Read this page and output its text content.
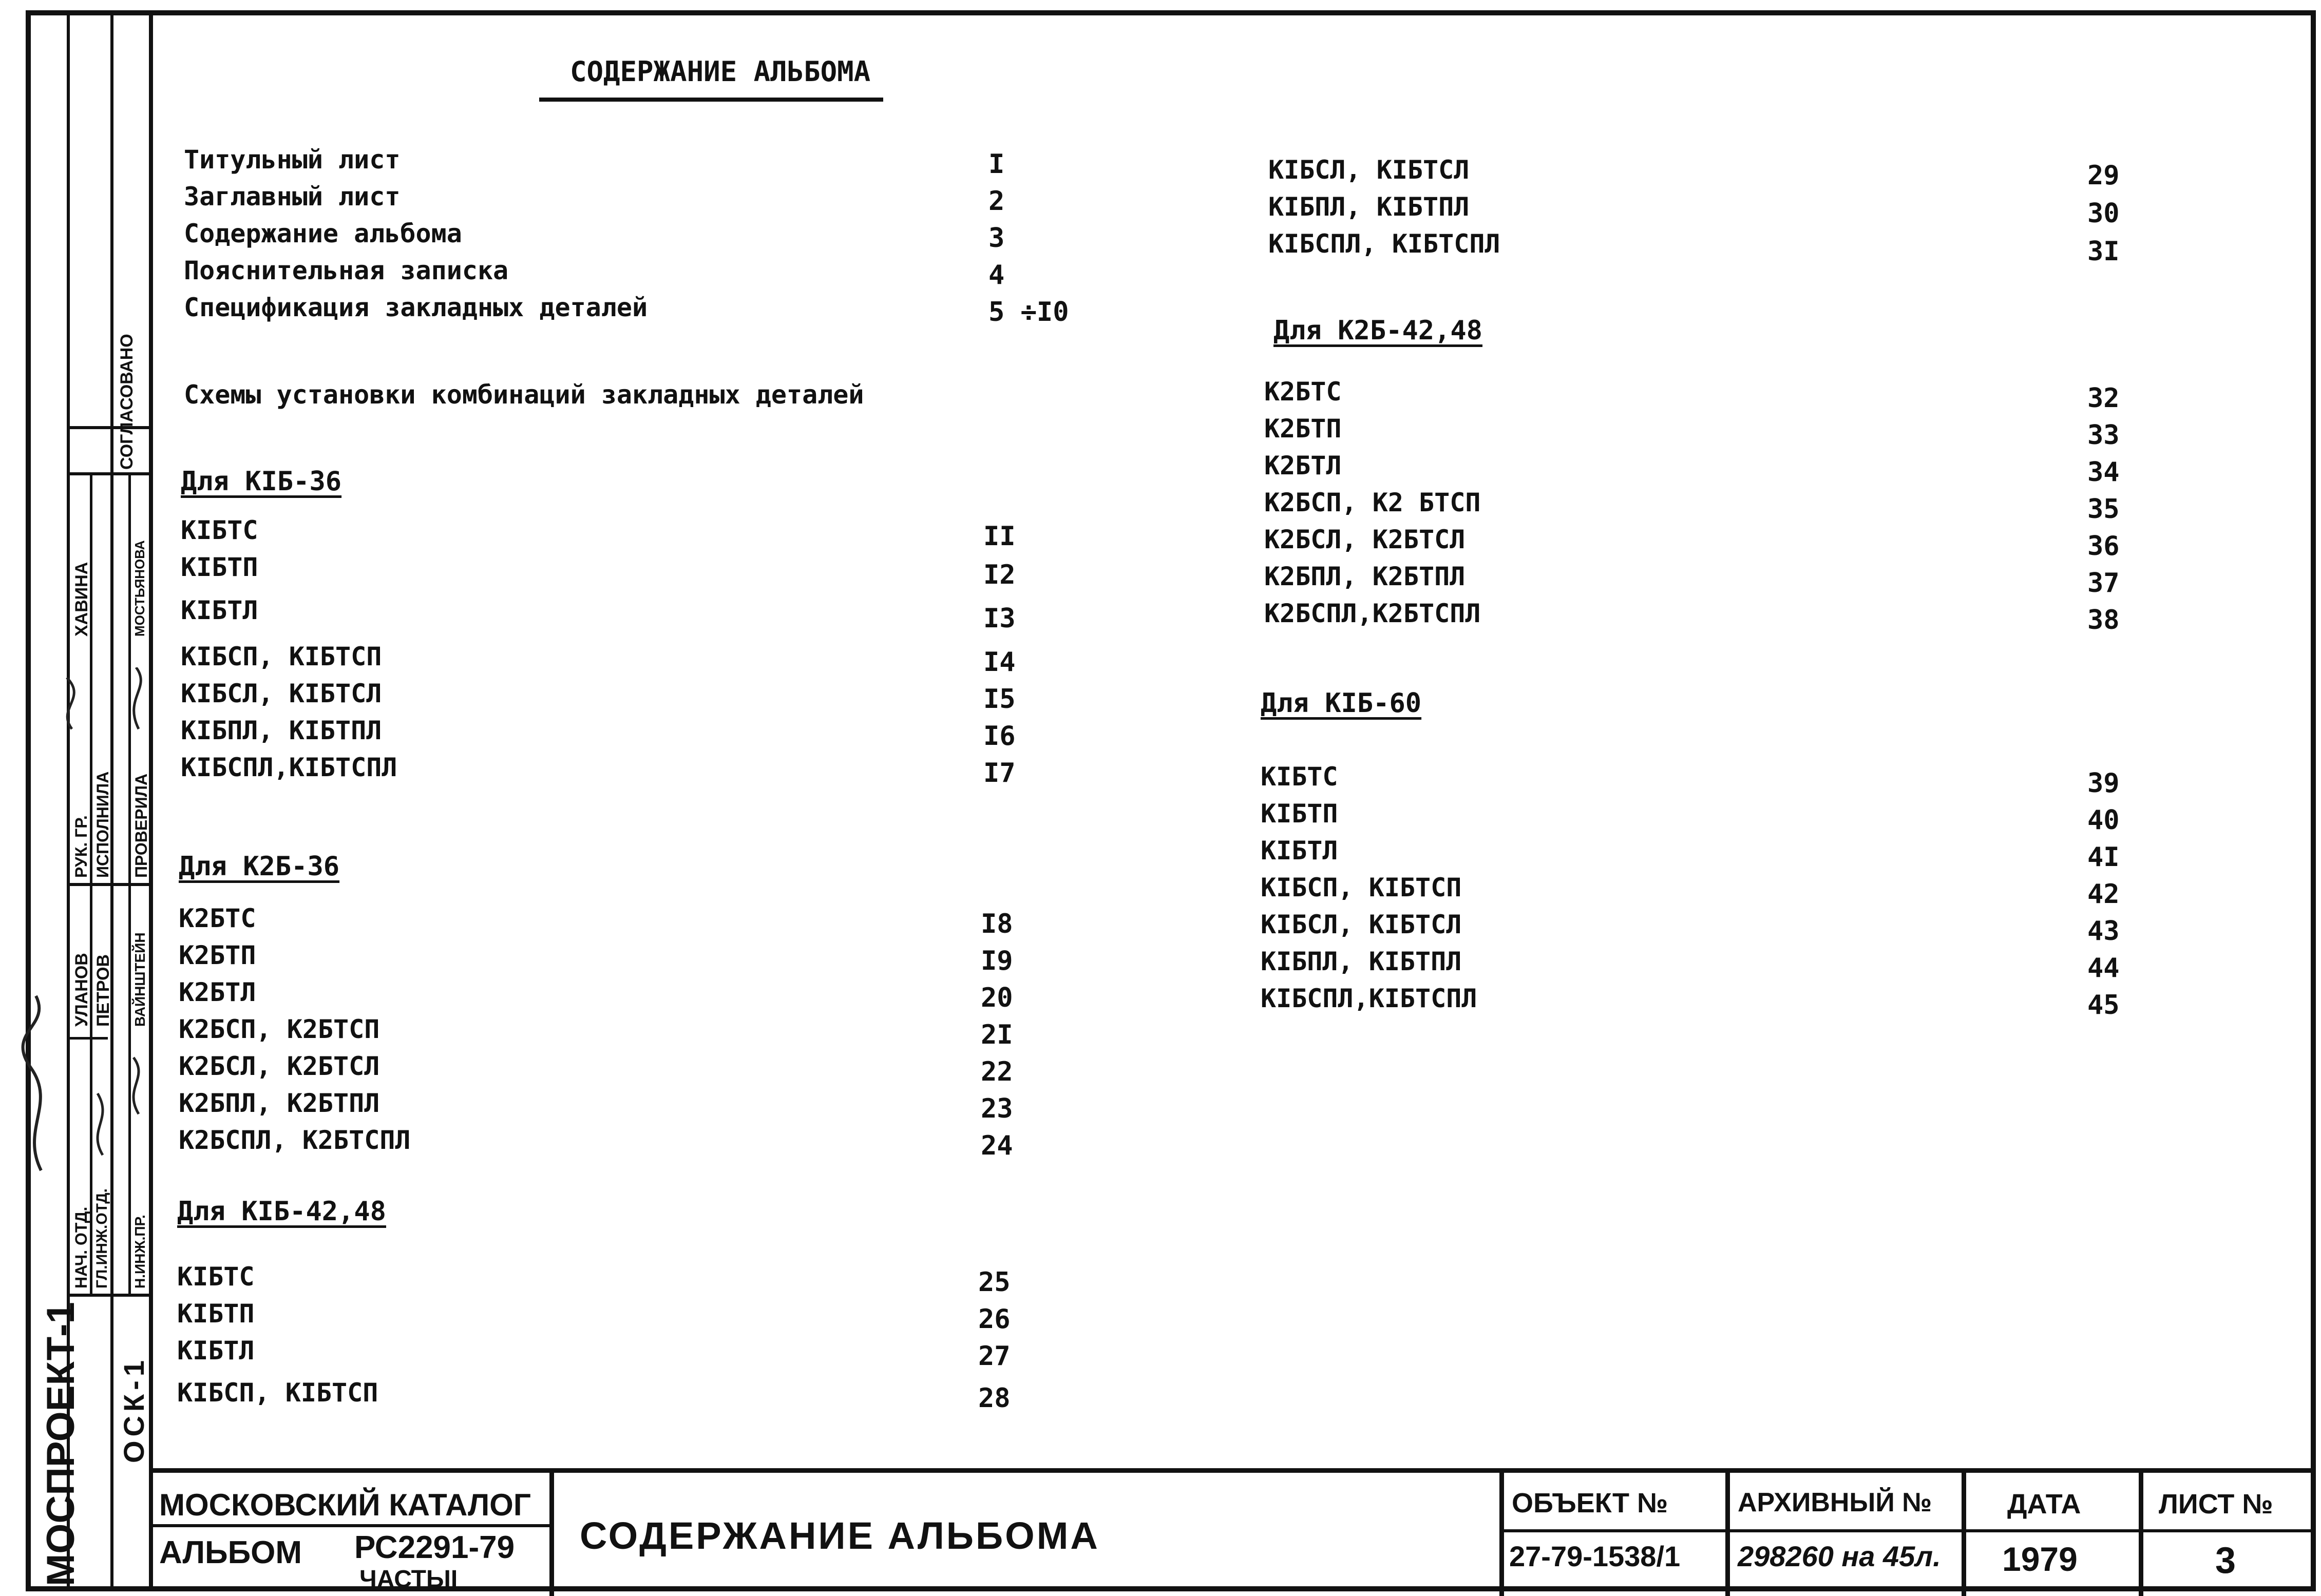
СОГЛАСОВАНО
МОСПРОЕКТ-1 ОСК-1
НАЧ. ОТД. ГЛ.ИНЖ.ОТД. Н.ИНЖ.ПР.
РУК. ГР. ИСПОЛНИЛА ПРОВЕРИЛА
УЛАНОВ ПЕТРОВ ВАЙНШТЕЙН
ХАВИНА	МОСТЬЯНОВА
СОДЕРЖАНИЕ АЛЬБОМА
Титульный лист	I
Заглавный лист	2
Содержание альбома	3
Пояснительная записка	4
Спецификация закладных деталей	5 ÷I0
Схемы установки комбинаций закладных деталей
Для КIБ-36
КIБТС	II
КIБТП	I2
КIБТЛ	I3
КIБСП, КIБТСП	I4
КIБСЛ, КIБТСЛ	I5
КIБПЛ, КIБТПЛ	I6
КIБСПЛ,КIБТСПЛ	I7
Для К2Б-36
К2БТС	I8
К2БТП	I9
К2БТЛ	20
К2БСП, К2БТСП	2I
К2БСЛ, К2БТСЛ	22
К2БПЛ, К2БТПЛ	23
К2БСПЛ, К2БТСПЛ	24
Для КIБ-42,48
КIБТС	25
КIБТП	26
КIБТЛ	27
КIБСП, КIБТСП	28
КIБСЛ, КIБТСЛ	29
КIБПЛ, КIБТПЛ	30
КIБСПЛ, КIБТСПЛ	3I
Для К2Б-42,48
К2БТС	32
К2БТП	33
К2БТЛ	34
К2БСП, К2 БТСП	35
К2БСЛ, К2БТСЛ	36
К2БПЛ, К2БТПЛ	37
К2БСПЛ,К2БТСПЛ	38
Для КIБ-60
КIБТС	39
КIБТП	40
КIБТЛ	4I
КIБСП, КIБТСП	42
КIБСЛ, КIБТСЛ	43
КIБПЛ, КIБТПЛ	44
КIБСПЛ,КIБТСПЛ	45
МОСКОВСКИЙ КАТАЛОГ
АЛЬБОМ РС2291-79
ЧАСТЬII
СОДЕРЖАНИЕ АЛЬБОМА
ОБЪЕКТ №
27-79-1538/1
АРХИВНЫЙ №
298260 на 45л.
ДАТА
1979
ЛИСТ №
3
